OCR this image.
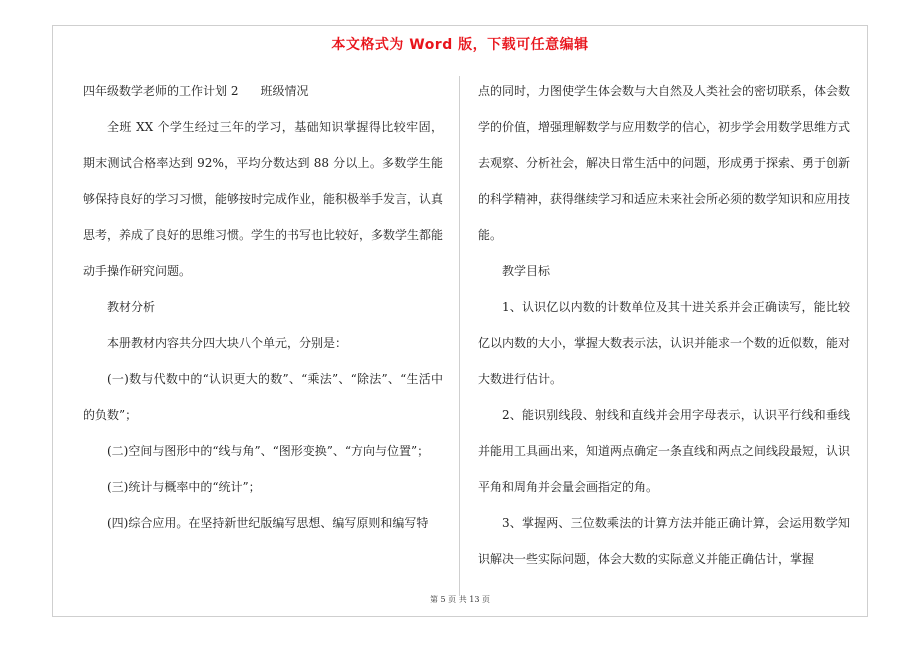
本文格式为 Word 版，下载可任意编辑

四年级数学老师的工作计划 2 班级情况

全班 XX 个学生经过三年的学习，基础知识掌握得比较牢固，期末测试合格率达到 92%，平均分数达到 88 分以上。多数学生能够保持良好的学习习惯，能够按时完成作业，能积极举手发言，认真思考，养成了良好的思维习惯。学生的书写也比较好，多数学生都能动手操作研究问题。

教材分析

本册教材内容共分四大块八个单元，分别是：

(一)数与代数中的“认识更大的数”、“乘法”、“除法”、“生活中的负数”；

(二)空间与图形中的“线与角”、“图形变换”、“方向与位置”；

(三)统计与概率中的“统计”；

(四)综合应用。在坚持新世纪版编写思想、编写原则和编写特

点的同时，力图使学生体会数与大自然及人类社会的密切联系，体会数学的价值，增强理解数学与应用数学的信心，初步学会用数学思维方式去观察、分析社会，解决日常生活中的问题，形成勇于探索、勇于创新的科学精神，获得继续学习和适应未来社会所必须的数学知识和应用技能。

教学目标

1、认识亿以内数的计数单位及其十进关系并会正确读写，能比较亿以内数的大小，掌握大数表示法，认识并能求一个数的近似数，能对大数进行估计。

2、能识别线段、射线和直线并会用字母表示，认识平行线和垂线并能用工具画出来，知道两点确定一条直线和两点之间线段最短，认识平角和周角并会量会画指定的角。

3、掌握两、三位数乘法的计算方法并能正确计算，会运用数学知识解决一些实际问题，体会大数的实际意义并能正确估计，掌握

第 5 页 共 13 页
